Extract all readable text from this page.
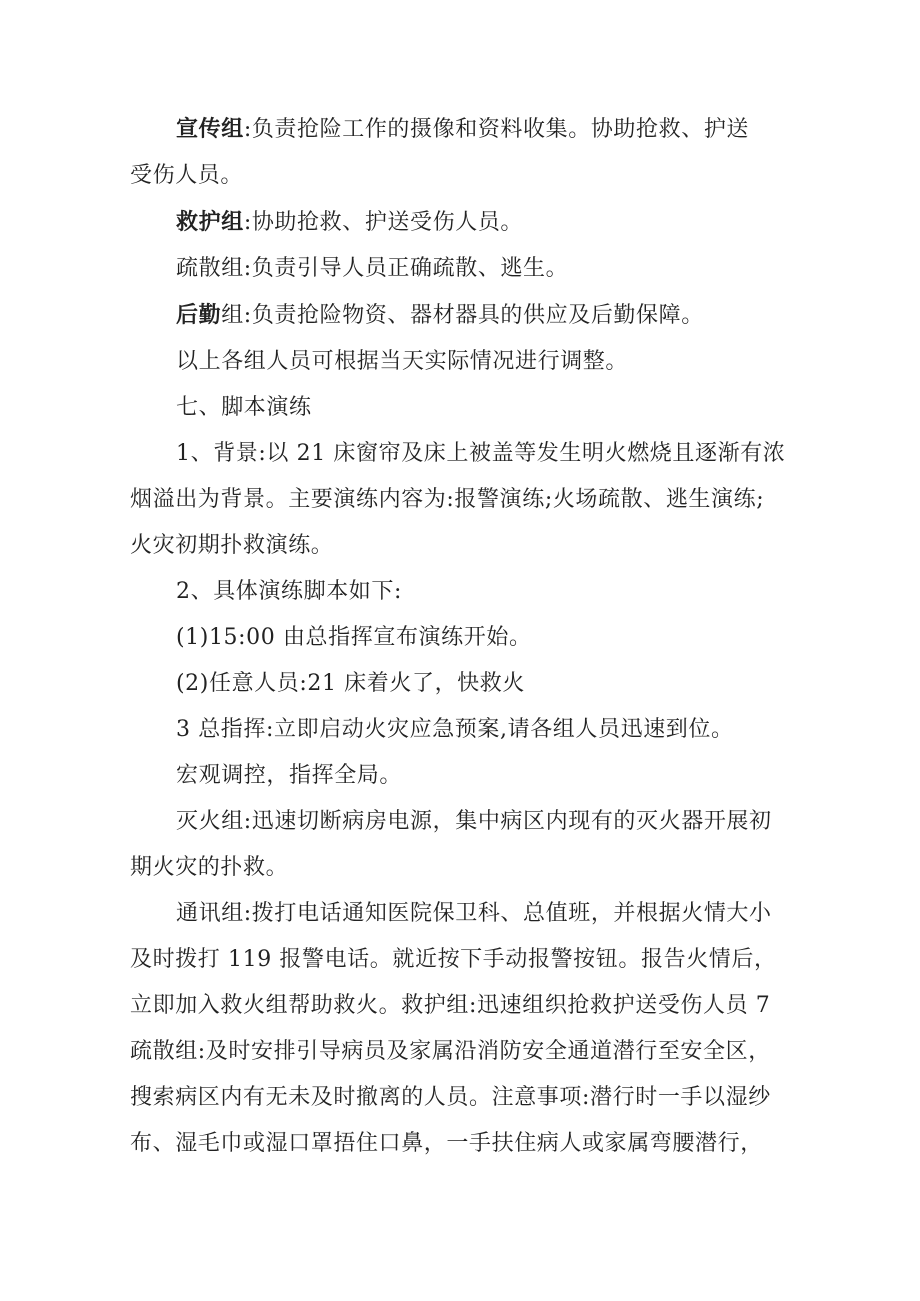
宣传组:负责抢险工作的摄像和资料收集。协助抢救、护送
受伤人员。

救护组:协助抢救、护送受伤人员。

疏散组:负责引导人员正确疏散、逃生。

后勤组:负责抢险物资、器材器具的供应及后勤保障。

以上各组人员可根据当天实际情况进行调整。

七、脚本演练

1、背景:以 21 床窗帘及床上被盖等发生明火燃烧且逐渐有浓
烟溢出为背景。主要演练内容为:报警演练;火场疏散、逃生演练;
火灾初期扑救演练。

2、具体演练脚本如下:

(1)15:00 由总指挥宣布演练开始。

(2)任意人员:21 床着火了，快救火

3 总指挥:立即启动火灾应急预案,请各组人员迅速到位。

宏观调控，指挥全局。

灭火组:迅速切断病房电源，集中病区内现有的灭火器开展初
期火灾的扑救。

通讯组:拨打电话通知医院保卫科、总值班，并根据火情大小
及时拨打 119 报警电话。就近按下手动报警按钮。报告火情后，
立即加入救火组帮助救火。救护组:迅速组织抢救护送受伤人员 7
疏散组:及时安排引导病员及家属沿消防安全通道潜行至安全区，
搜索病区内有无未及时撤离的人员。注意事项:潜行时一手以湿纱
布、湿毛巾或湿口罩捂住口鼻，一手扶住病人或家属弯腰潜行，
